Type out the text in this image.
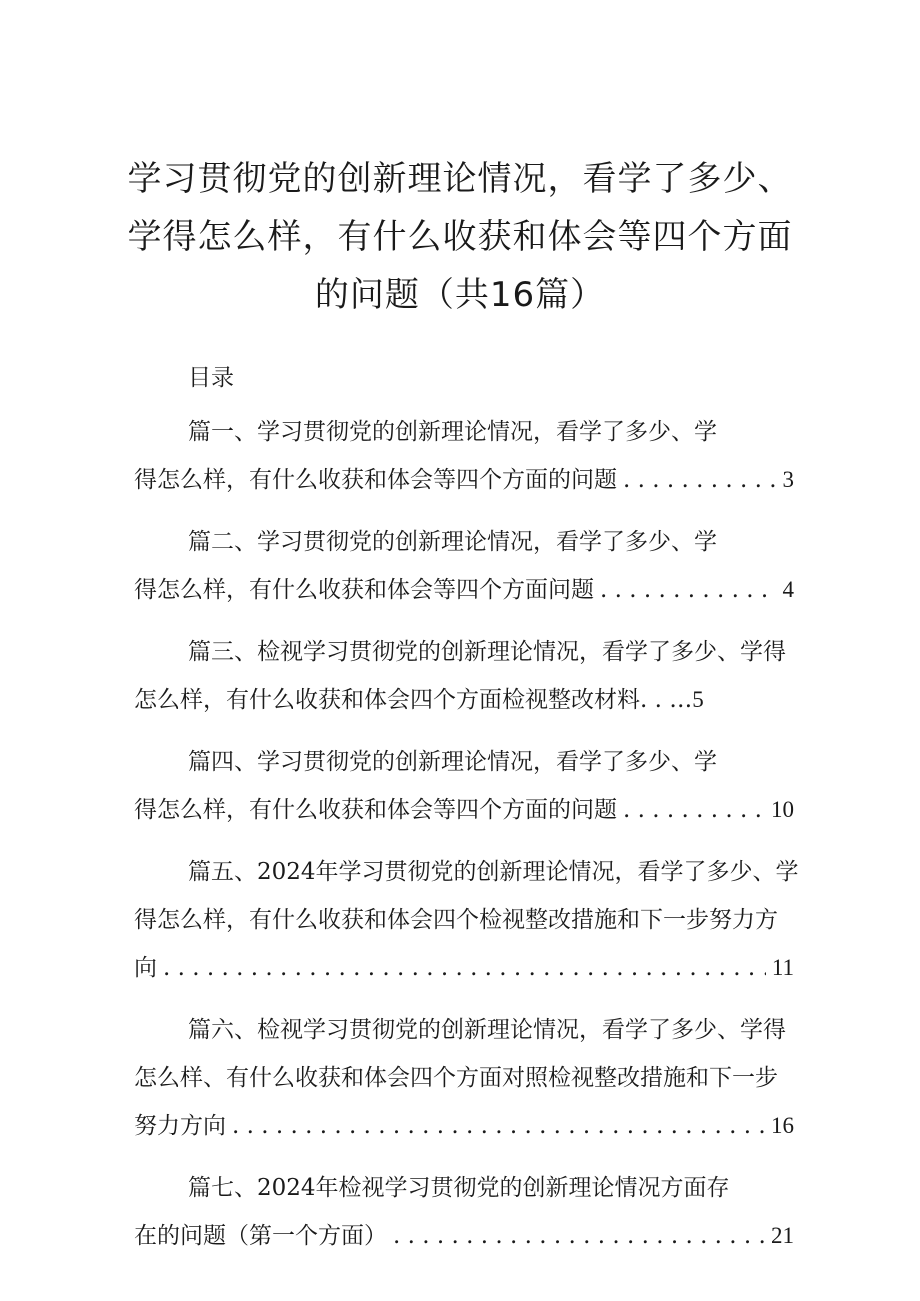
学习贯彻党的创新理论情况，看学了多少、
学得怎么样，有什么收获和体会等四个方面
的问题（共16篇）
目录
篇一、学习贯彻党的创新理论情况，看学了多少、学
得怎么样，有什么收获和体会等四个方面的问题 . . .	3
篇二、学习贯彻党的创新理论情况，看学了多少、学
得怎么样，有什么收获和体会等四个方面问题 . . .	4
篇三、检视学习贯彻党的创新理论情况，看学了多少、学得
怎么样，有什么收获和体会四个方面检视整改材料. . … 5
篇四、学习贯彻党的创新理论情况，看学了多少、学
得怎么样，有什么收获和体会等四个方面的问题 . . .	10
篇五、2024年学习贯彻党的创新理论情况，看学了多少、学
得怎么样，有什么收获和体会四个检视整改措施和下一步努力方
向 . . .	11
篇六、检视学习贯彻党的创新理论情况，看学了多少、学得
怎么样、有什么收获和体会四个方面对照检视整改措施和下一步
努力方向 . . .	16
篇七、2024年检视学习贯彻党的创新理论情况方面存
在的问题（第一个方面） . . .	21
